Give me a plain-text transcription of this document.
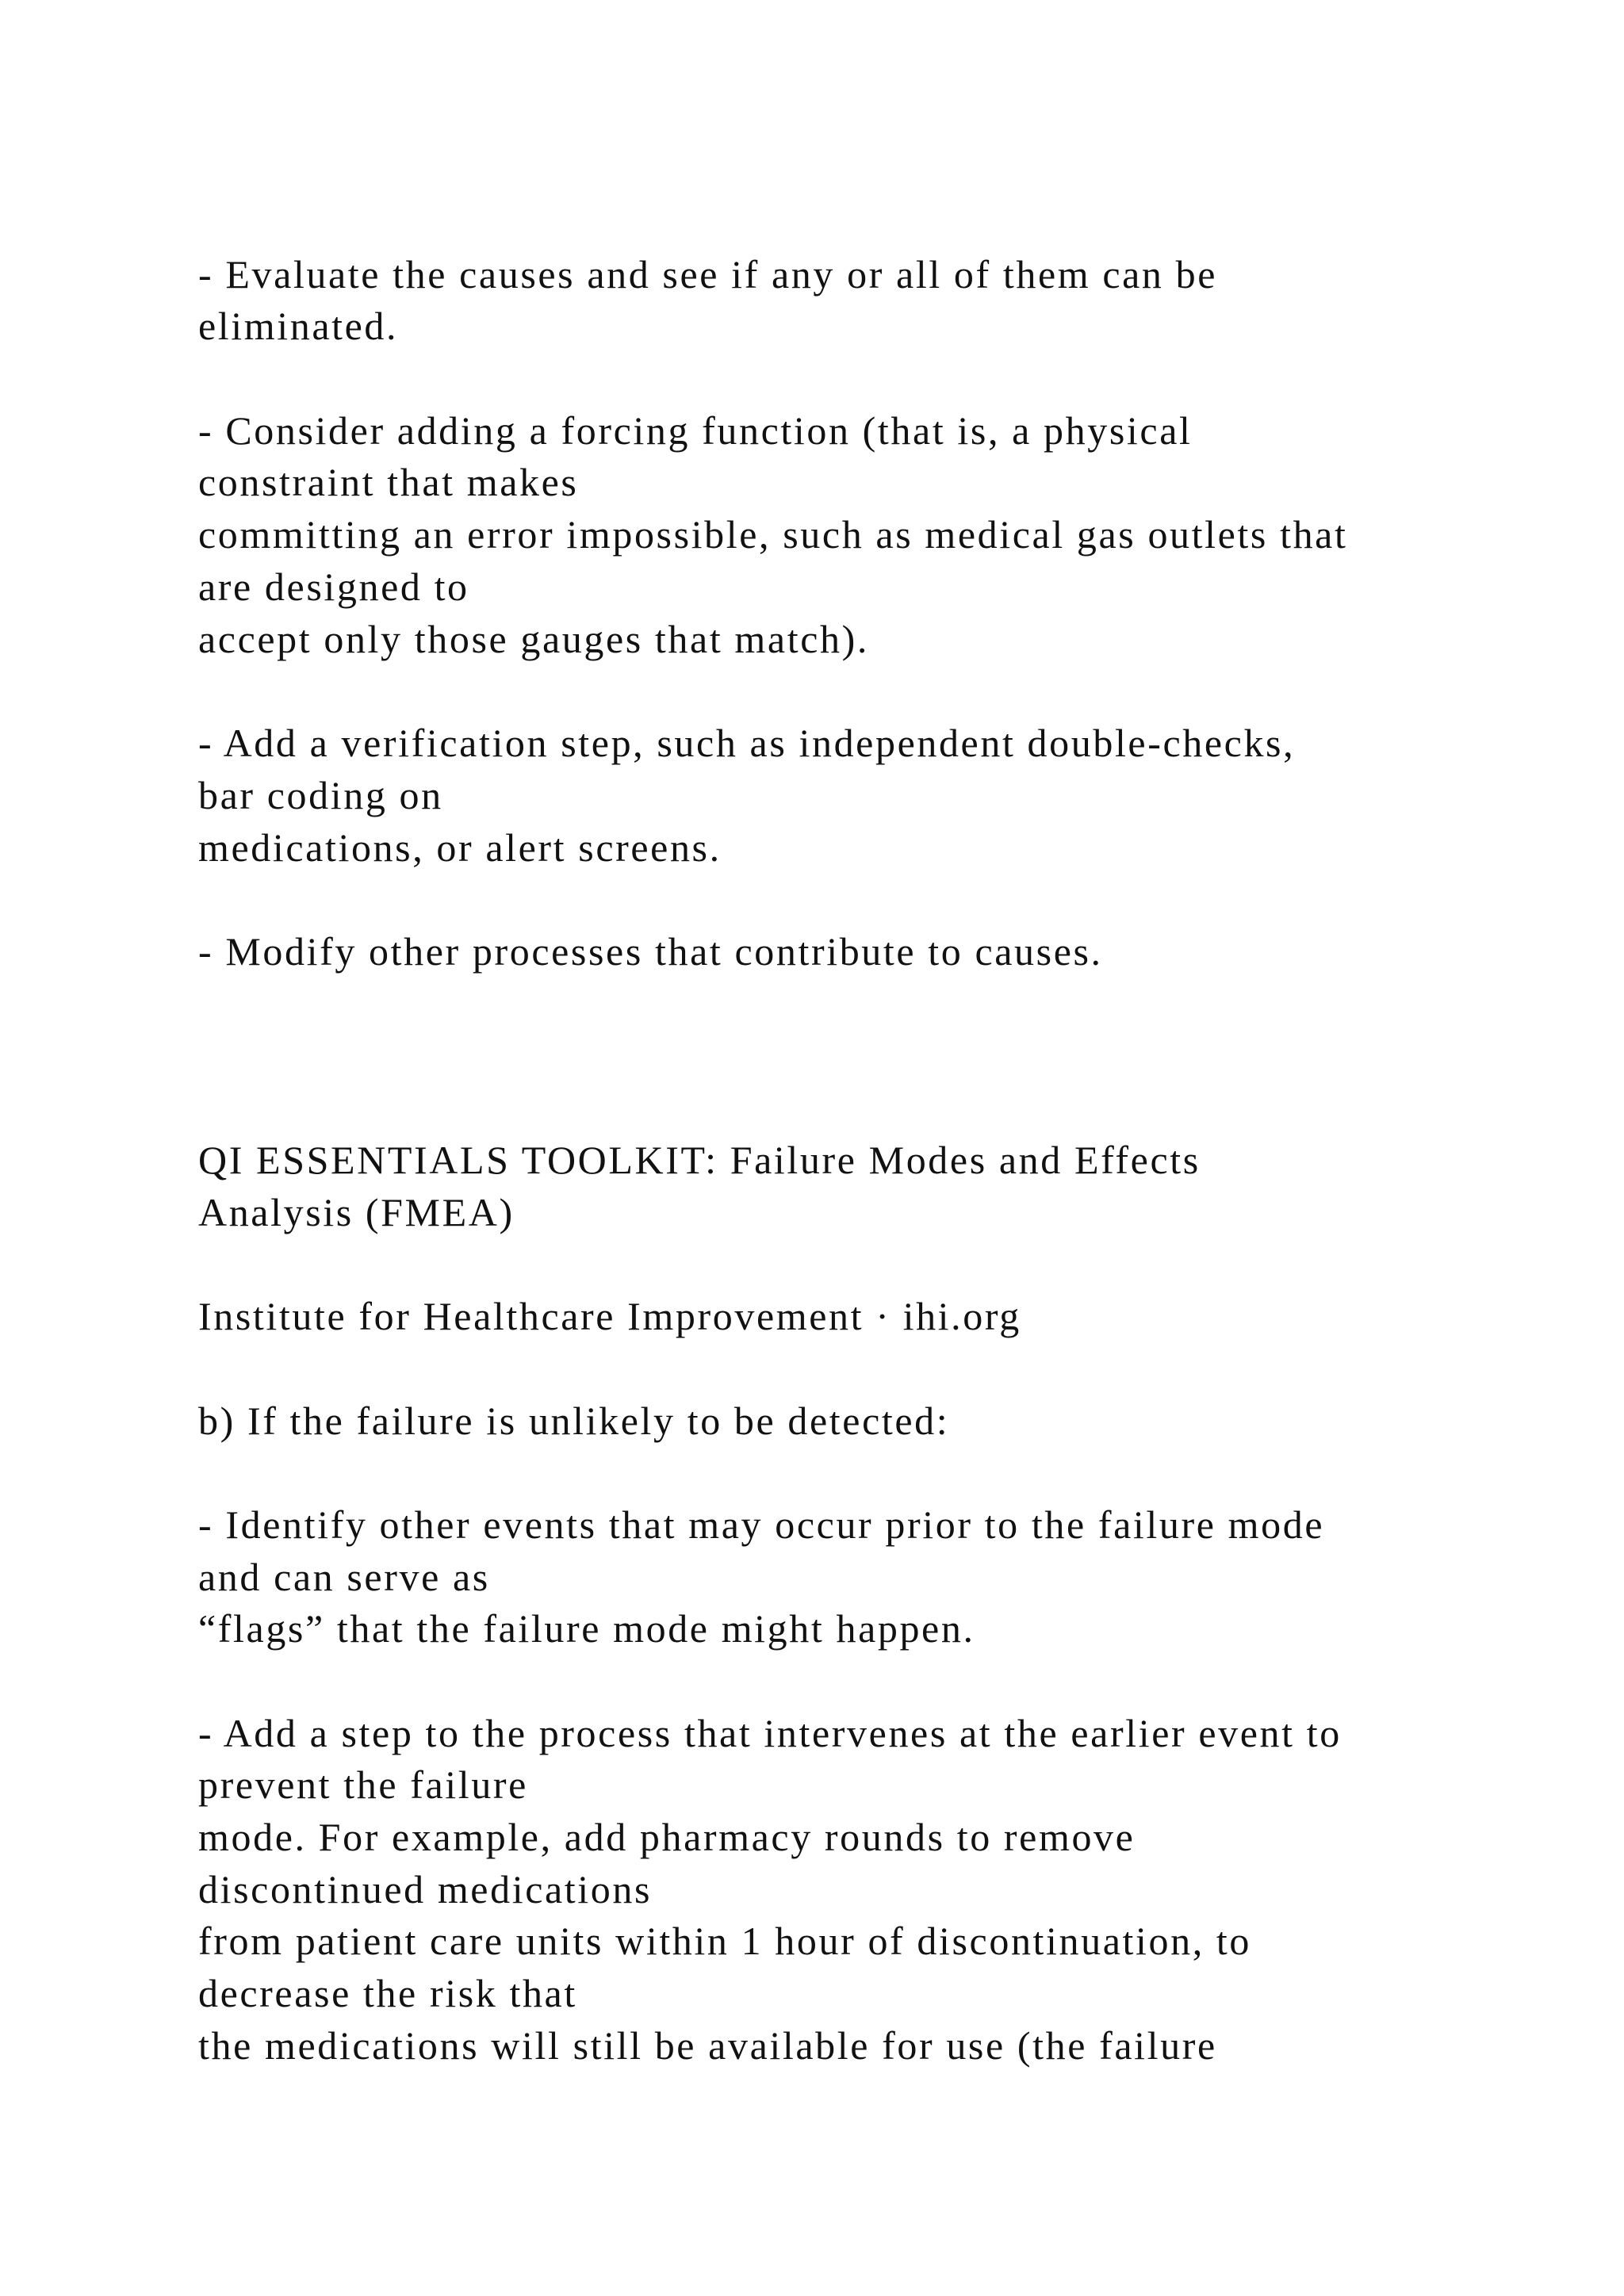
- Evaluate the causes and see if any or all of them can be
eliminated.
- Consider adding a forcing function (that is, a physical
constraint that makes
committing an error impossible, such as medical gas outlets that
are designed to
accept only those gauges that match).
- Add a verification step, such as independent double-checks,
bar coding on
medications, or alert screens.
- Modify other processes that contribute to causes.
QI ESSENTIALS TOOLKIT: Failure Modes and Effects
Analysis (FMEA)
Institute for Healthcare Improvement · ihi.org
b) If the failure is unlikely to be detected:
- Identify other events that may occur prior to the failure mode
and can serve as
“flags” that the failure mode might happen.
- Add a step to the process that intervenes at the earlier event to
prevent the failure
mode. For example, add pharmacy rounds to remove
discontinued medications
from patient care units within 1 hour of discontinuation, to
decrease the risk that
the medications will still be available for use (the failure
